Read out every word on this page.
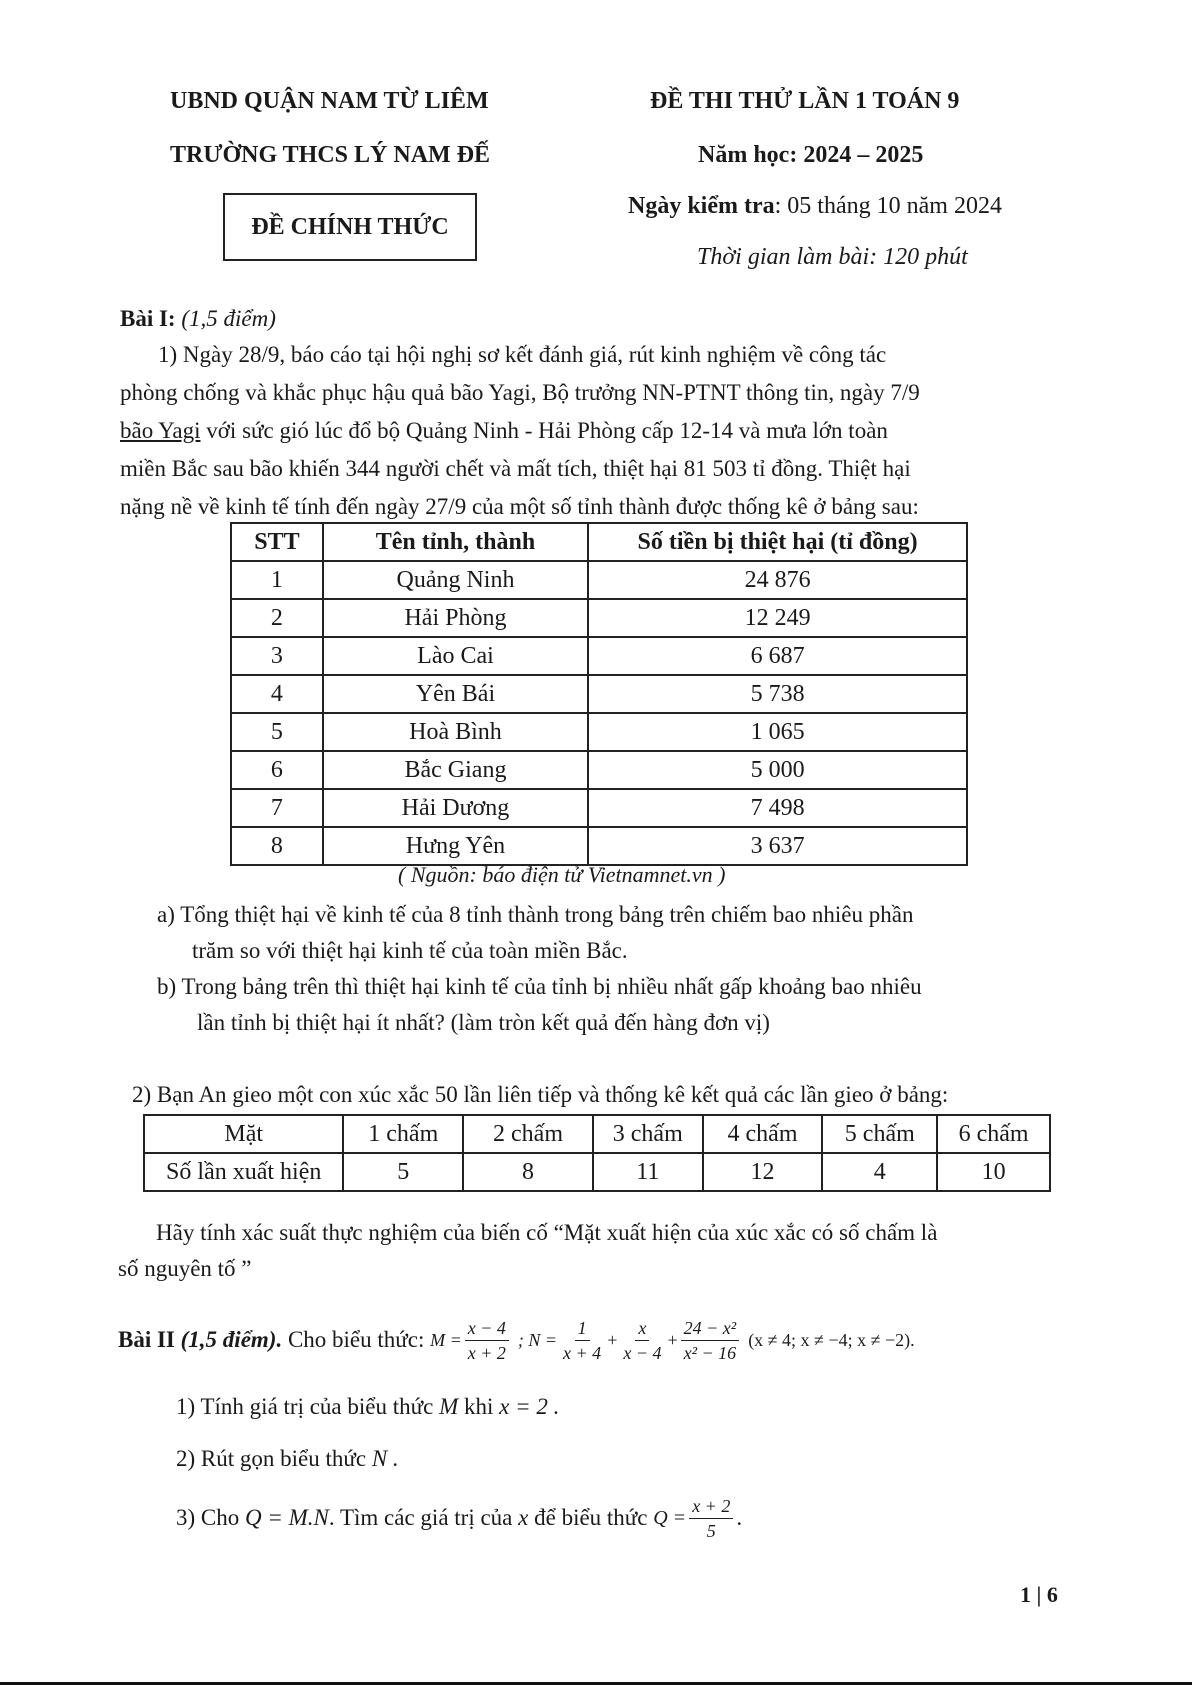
UBND QUẬN NAM TỪ LIÊM
TRƯỜNG THCS LÝ NAM ĐẾ
ĐỀ CHÍNH THỨC
ĐỀ THI THỬ LẦN 1 TOÁN 9
Năm học: 2024 – 2025
Ngày kiểm tra: 05 tháng 10 năm 2024
Thời gian làm bài: 120 phút
Bài I: (1,5 điểm)
1) Ngày 28/9, báo cáo tại hội nghị sơ kết đánh giá, rút kinh nghiệm về công tác
phòng chống và khắc phục hậu quả bão Yagi, Bộ trưởng NN-PTNT thông tin, ngày 7/9
bão Yagi với sức gió lúc đổ bộ Quảng Ninh - Hải Phòng cấp 12-14 và mưa lớn toàn
miền Bắc sau bão khiến 344 người chết và mất tích, thiệt hại 81 503 tỉ đồng. Thiệt hại
nặng nề về kinh tế tính đến ngày 27/9 của một số tỉnh thành được thống kê ở bảng sau:
STT	Tên tỉnh, thành	Số tiền bị thiệt hại (tỉ đồng)
1	Quảng Ninh	24 876
2	Hải Phòng	12 249
3	Lào Cai	6 687
4	Yên Bái	5 738
5	Hoà Bình	1 065
6	Bắc Giang	5 000
7	Hải Dương	7 498
8	Hưng Yên	3 637
( Nguồn: báo điện tử Vietnamnet.vn )
a) Tổng thiệt hại về kinh tế của 8 tỉnh thành trong bảng trên chiếm bao nhiêu phần
trăm so với thiệt hại kinh tế của toàn miền Bắc.
b) Trong bảng trên thì thiệt hại kinh tế của tỉnh bị nhiều nhất gấp khoảng bao nhiêu
lần tỉnh bị thiệt hại ít nhất? (làm tròn kết quả đến hàng đơn vị)
2) Bạn An gieo một con xúc xắc 50 lần liên tiếp và thống kê kết quả các lần gieo ở bảng:
Mặt	1 chấm	2 chấm	3 chấm	4 chấm	5 chấm	6 chấm
Số lần xuất hiện	5	8	11	12	4	10
Hãy tính xác suất thực nghiệm của biến cố “Mặt xuất hiện của xúc xắc có số chấm là
số nguyên tố ”
Bài II
(1,5 điểm).
Cho biểu thức:
$M = \frac{x - 4}{x + 2}$ ; $N = \frac{1}{x + 4} + \frac{x}{x - 4} + \frac{\text{24 − x²}}{\text{x² − 16}} (x \ne 4$; x ≠ −4; x ≠ −2).
1) Tính giá trị của biểu thức M khi x = 2 .
2) Rút gọn biểu thức N .
3) Cho
Q = M.N . Tìm các giá trị của
x
để biểu thức
$Q = \frac{x + 2}{5}$ .
1 | 6
